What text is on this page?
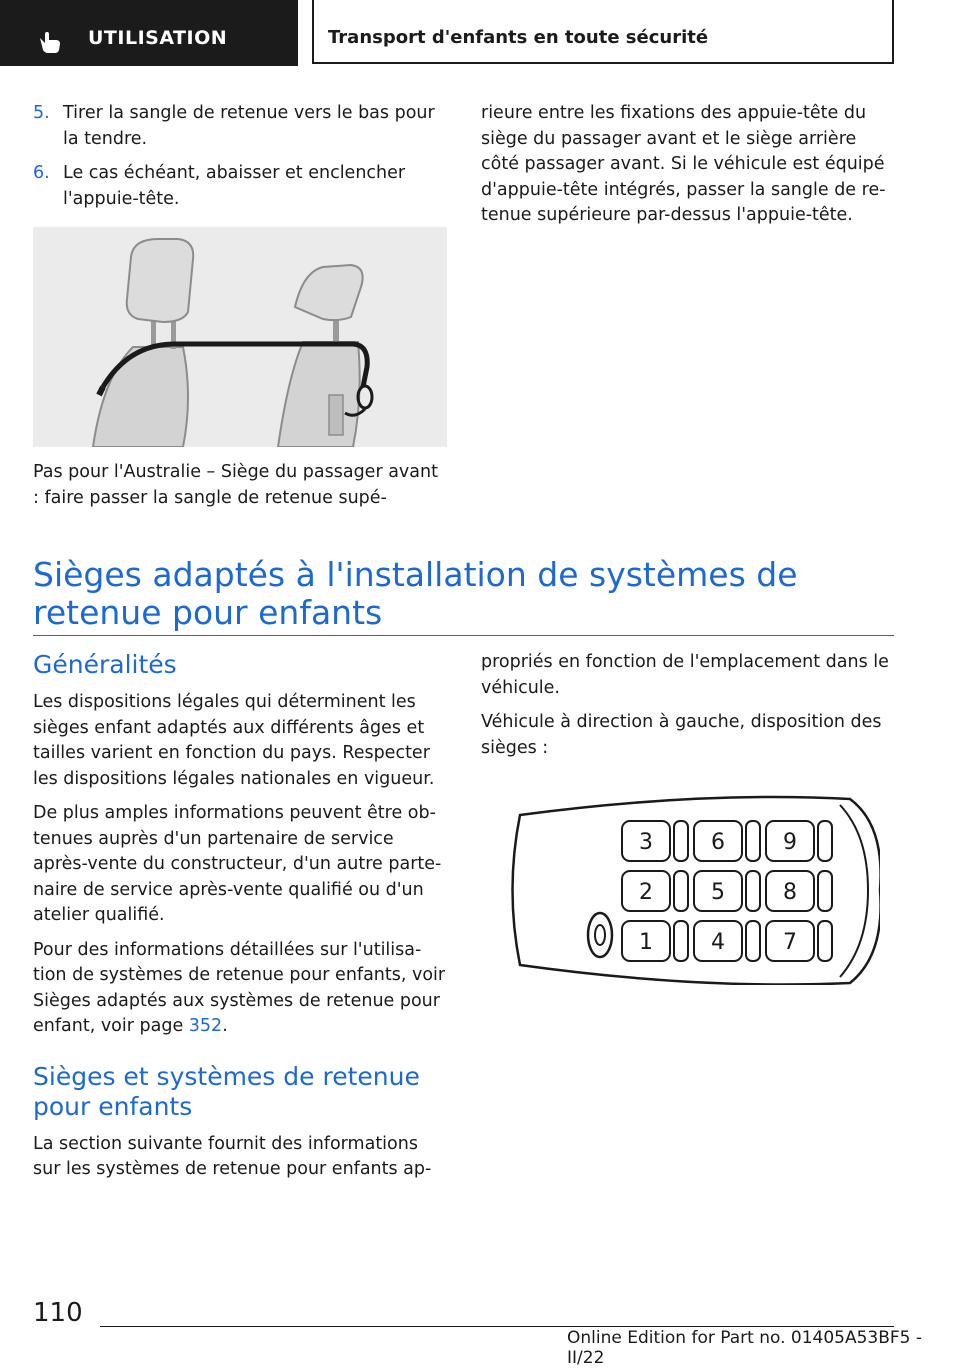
UTILISATION	Transport d'enfants en toute sécurité
5. Tirer la sangle de retenue vers le bas pour la tendre.
6. Le cas échéant, abaisser et enclencher l'appuie-tête.

Pas pour l'Australie – Siège du passager avant : faire passer la sangle de retenue supé-

rieure entre les fixations des appuie-tête du siège du passager avant et le siège arrière côté passager avant. Si le véhicule est équipé d'appuie-tête intégrés, passer la sangle de re-tenue supérieure par-dessus l'appuie-tête.

Sièges adaptés à l'installation de systèmes de retenue pour enfants
Généralités

Les dispositions légales qui déterminent les sièges enfant adaptés aux différents âges et tailles varient en fonction du pays. Respecter les dispositions légales nationales en vigueur.

De plus amples informations peuvent être ob-tenues auprès d'un partenaire de service après-vente du constructeur, d'un autre parte-naire de service après-vente qualifié ou d'un atelier qualifié.

Pour des informations détaillées sur l'utilisa-tion de systèmes de retenue pour enfants, voir Sièges adaptés aux systèmes de retenue pour enfant, voir page 352.

Sièges et systèmes de retenue pour enfants

La section suivante fournit des informations sur les systèmes de retenue pour enfants ap-

propriés en fonction de l'emplacement dans le véhicule.

Véhicule à direction à gauche, disposition des sièges :

3
2
1
6
5
4
9
8
7
110
Online Edition for Part no. 01405A53BF5 - II/22
